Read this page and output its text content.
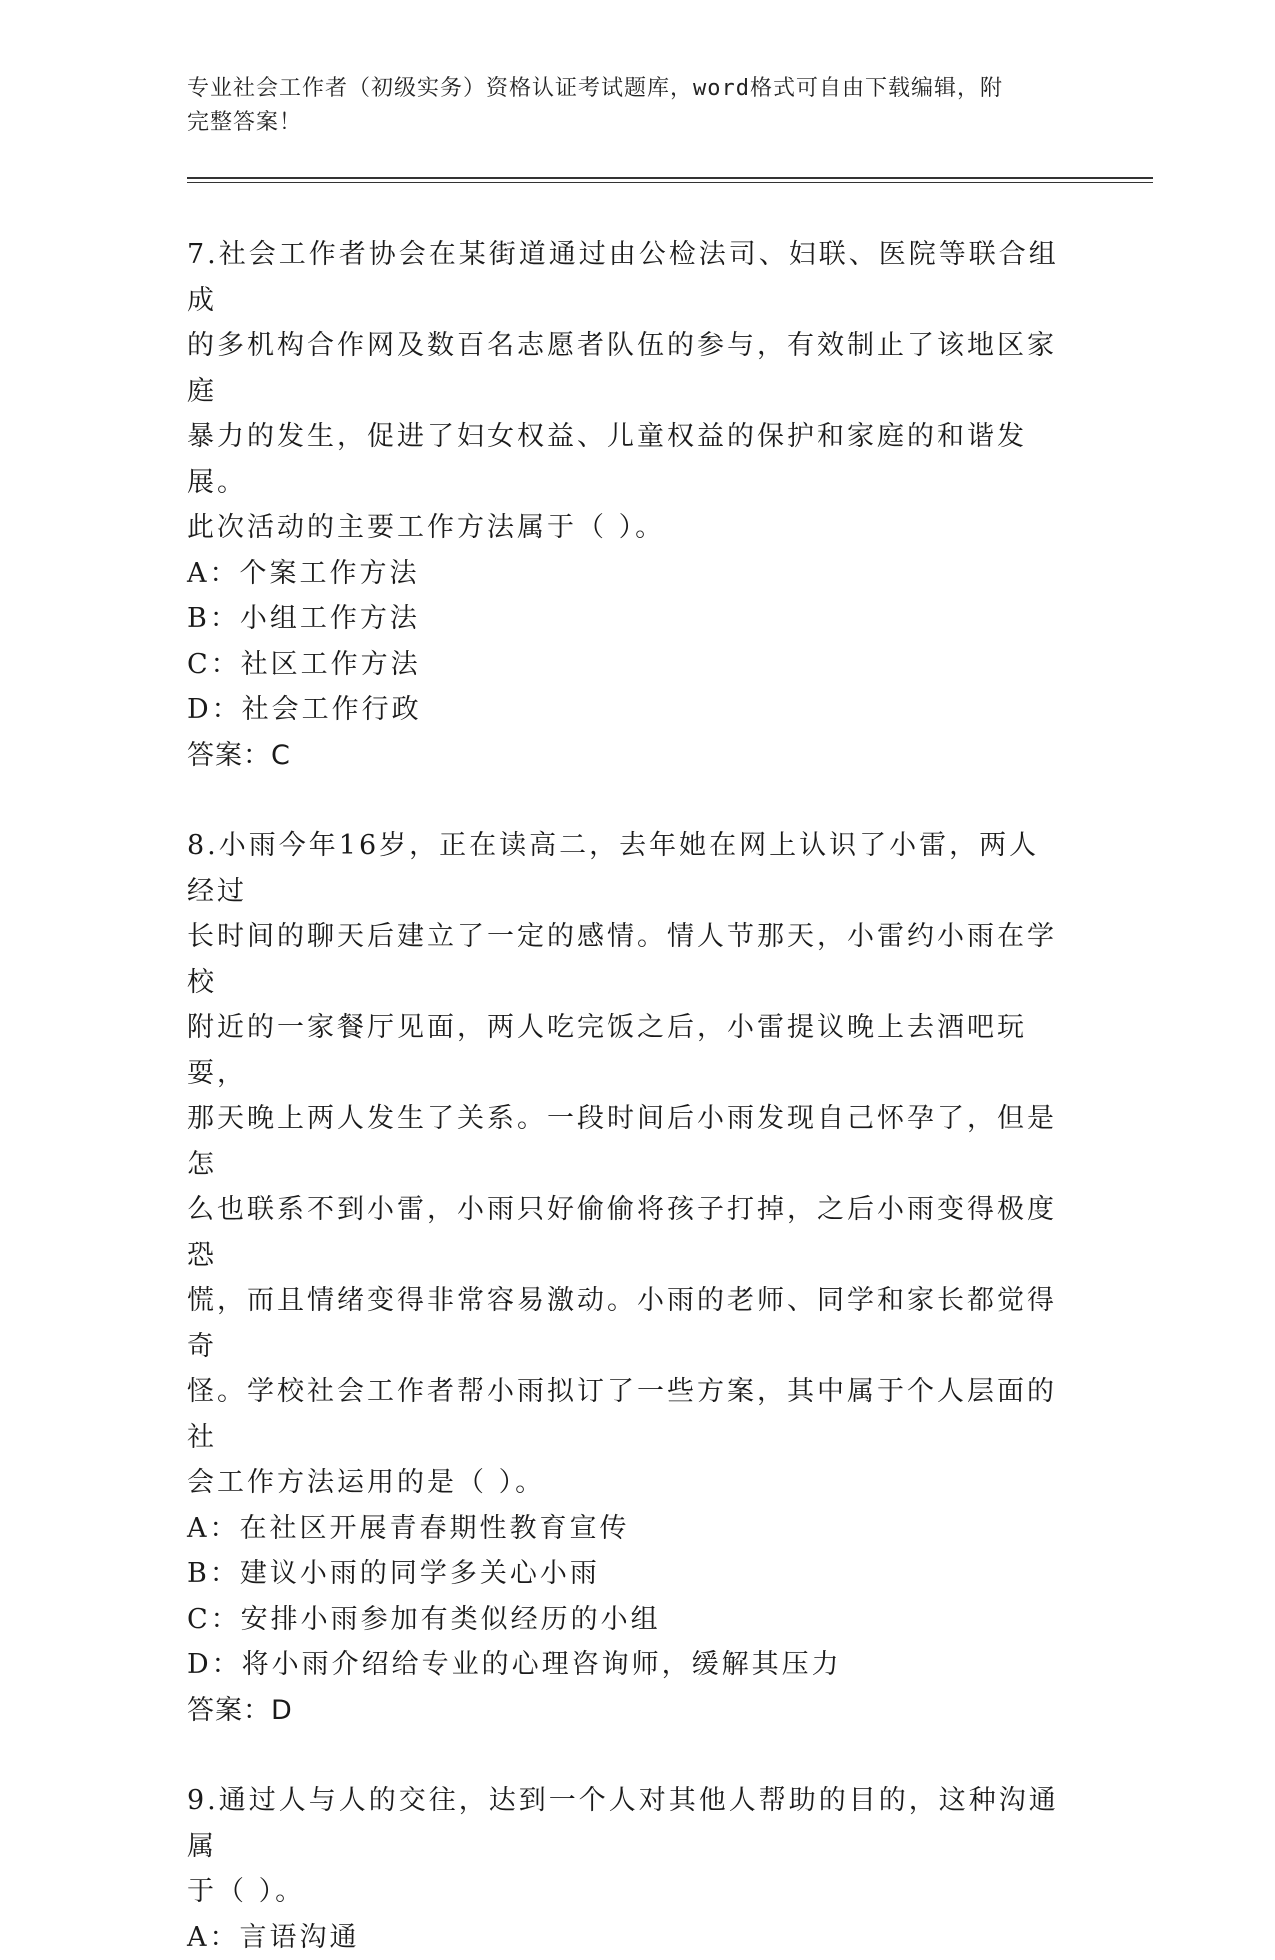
专业社会工作者（初级实务）资格认证考试题库，word格式可自由下载编辑，附
完整答案！

7.社会工作者协会在某街道通过由公检法司、妇联、医院等联合组成

的多机构合作网及数百名志愿者队伍的参与，有效制止了该地区家庭

暴力的发生，促进了妇女权益、儿童权益的保护和家庭的和谐发展。

此次活动的主要工作方法属于（ ）。

A：个案工作方法

B：小组工作方法

C：社区工作方法

D：社会工作行政

答案：C

8.小雨今年16岁，正在读高二，去年她在网上认识了小雷，两人经过

长时间的聊天后建立了一定的感情。情人节那天，小雷约小雨在学校

附近的一家餐厅见面，两人吃完饭之后，小雷提议晚上去酒吧玩耍，

那天晚上两人发生了关系。一段时间后小雨发现自己怀孕了，但是怎

么也联系不到小雷，小雨只好偷偷将孩子打掉，之后小雨变得极度恐

慌，而且情绪变得非常容易激动。小雨的老师、同学和家长都觉得奇

怪。学校社会工作者帮小雨拟订了一些方案，其中属于个人层面的社

会工作方法运用的是（ ）。

A：在社区开展青春期性教育宣传

B：建议小雨的同学多关心小雨

C：安排小雨参加有类似经历的小组

D：将小雨介绍给专业的心理咨询师，缓解其压力

答案：D

9.通过人与人的交往，达到一个人对其他人帮助的目的，这种沟通属

于（ ）。

A：言语沟通
